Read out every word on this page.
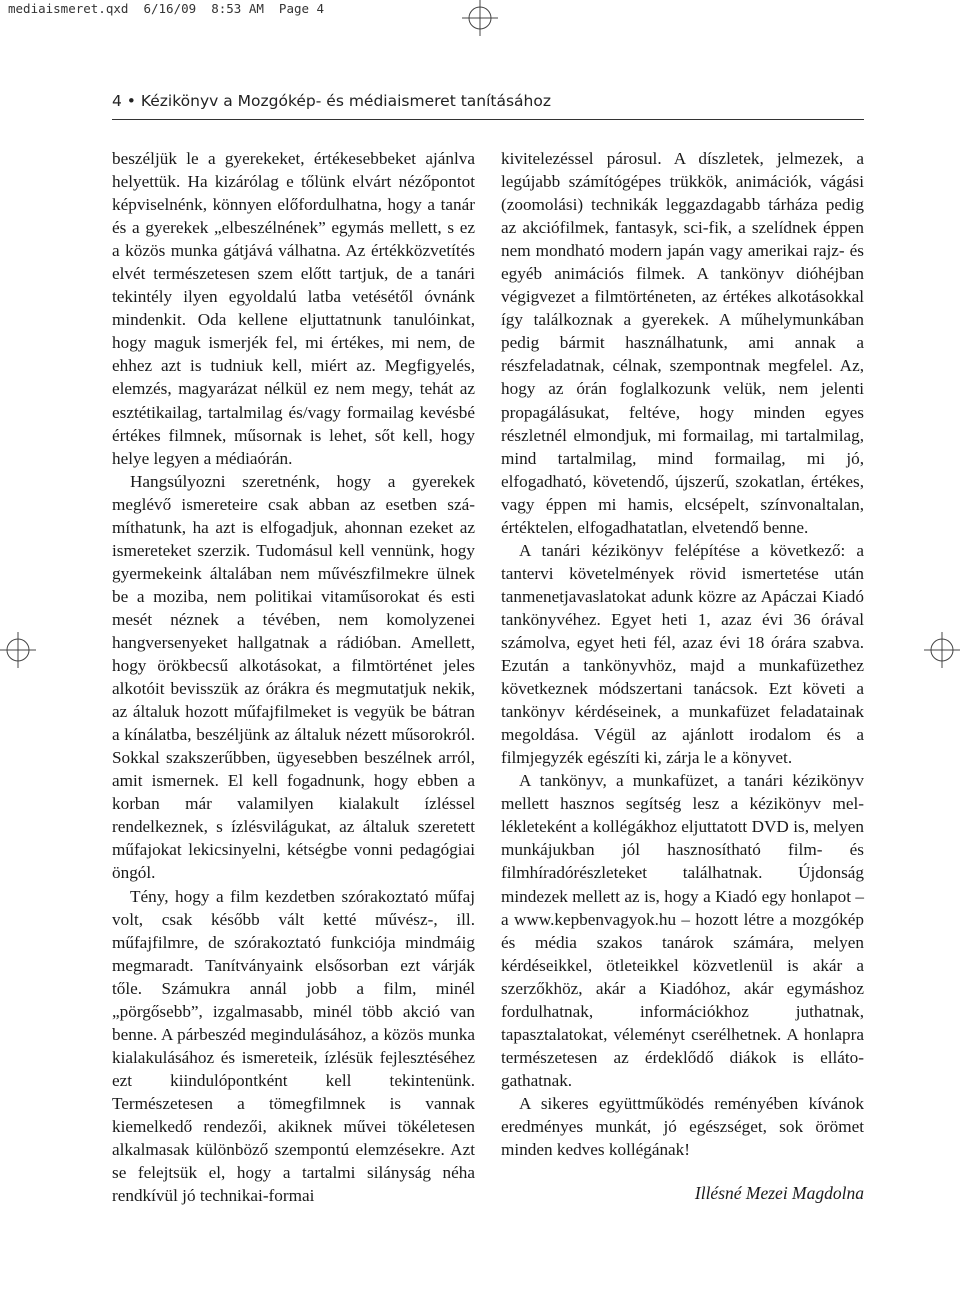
mediaismeret.qxd  6/16/09  8:53 AM  Page 4
4 • Kézikönyv a Mozgókép- és médiaismeret tanításához

beszéljük le a gyerekeket, értékesebbeket ajánlva helyettük. Ha kizárólag e tőlünk elvárt nézőpontot képviselnénk, könnyen előfordulhatna, hogy a tanár és a gyerekek „elbeszélnének” egymás mellett, s ez a közös munka gátjává válhatna. Az értékközvetítés elvét természetesen szem előtt tartjuk, de a tanári tekintély ilyen egyoldalú latba vetésétől óvnánk mindenkit. Oda kellene eljuttatnunk tanulóinkat, hogy maguk ismerjék fel, mi értékes, mi nem, de ehhez azt is tudniuk kell, miért az. Megfigyelés, elemzés, magyarázat nélkül ez nem megy, tehát az esztétikailag, tartalmilag és/vagy formailag kevésbé értékes filmnek, műsornak is lehet, sőt kell, hogy helye legyen a médiaórán.

Hangsúlyozni szeretnénk, hogy a gyerekek meglévő ismereteire csak abban az esetben számíthatunk, ha azt is elfogadjuk, ahonnan ezeket az ismereteket szerzik. Tudomásul kell vennünk, hogy gyermekeink általában nem művészfilmekre ülnek be a moziba, nem politikai vitaműsorokat és esti mesét néznek a tévében, nem komolyzenei hangversenyeket hallgatnak a rádióban. Amellett, hogy örökbecsű alkotásokat, a filmtörténet jeles alkotóit bevisszük az órákra és megmutatjuk nekik, az általuk hozott műfajfilmeket is vegyük be bátran a kínálatba, beszéljünk az általuk nézett műsorokról. Sokkal szakszerűbben, ügyesebben beszélnek arról, amit ismernek. El kell fogadnunk, hogy ebben a korban már valamilyen kialakult ízléssel rendelkeznek, s ízlésvilágukat, az általuk szeretett műfajokat lekicsinyelni, kétségbe vonni pedagógiai öngól.

Tény, hogy a film kezdetben szórakoztató műfaj volt, csak később vált ketté művész-, ill. műfajfilmre, de szórakoztató funkciója mindmáig megmaradt. Tanítványaink elsősorban ezt várják tőle. Számukra annál jobb a film, minél „pörgősebb”, izgalmasabb, minél több akció van benne. A párbeszéd megindulásához, a közös munka kialakulásához és ismereteik, ízlésük fejlesztéséhez ezt kiindulópontként kell tekintenünk. Természetesen a tömegfilmnek is vannak kiemelkedő rendezői, akiknek művei tökéletesen alkalmasak különböző szempontú elemzésekre. Azt se felejtsük el, hogy a tartalmi silányság néha rendkívül jó technikai-formai

kivitelezéssel párosul. A díszletek, jelmezek, a legújabb számítógépes trükkök, animációk, vágási (zoomolási) technikák leggazdagabb tárháza pedig az akciófilmek, fantasyk, sci-fik, a szelídnek éppen nem mondható modern japán vagy amerikai rajz- és egyéb animációs filmek. A tankönyv dióhéjban végigvezet a filmtörténeten, az értékes alkotásokkal így találkoznak a gyerekek. A műhelymunkában pedig bármit használhatunk, ami annak a részfeladatnak, célnak, szempontnak megfelel. Az, hogy az órán foglalkozunk velük, nem jelenti propagálásukat, feltéve, hogy minden egyes részletnél elmondjuk, mi formailag, mi tartalmilag, mind tartalmilag, mind formailag, mi jó, elfogadható, követendő, újszerű, szokatlan, értékes, vagy éppen mi hamis, elcsépelt, színvonaltalan, értéktelen, elfogadhatatlan, elvetendő benne.

A tanári kézikönyv felépítése a következő: a tantervi követelmények rövid ismertetése után tanmenetjavaslatokat adunk közre az Apáczai Kiadó tankönyvéhez. Egyet heti 1, azaz évi 36 órával számolva, egyet heti fél, azaz évi 18 órára szabva. Ezután a tankönyvhöz, majd a munkafüzethez következnek módszertani tanácsok. Ezt követi a tankönyv kérdéseinek, a munkafüzet feladatainak megoldása. Végül az ajánlott irodalom és a filmjegyzék egészíti ki, zárja le a könyvet.

A tankönyv, a munkafüzet, a tanári kézikönyv mellett hasznos segítség lesz a kézikönyv mellékleteként a kollégákhoz eljuttatott DVD is, melyen munkájukban jól hasznosítható film- és filmhíradórészleteket találhatnak. Újdonság mindezek mellett az is, hogy a Kiadó egy honlapot – a www.kepbenvagyok.hu – hozott létre a mozgókép és média szakos tanárok számára, melyen kérdéseikkel, ötleteikkel közvetlenül is akár a szerzőkhöz, akár a Kiadóhoz, akár egymáshoz fordulhatnak, információkhoz juthatnak, tapasztalatokat, véleményt cserélhetnek. A honlapra természetesen az érdeklődő diákok is ellátogathatnak.

A sikeres együttműködés reményében kívánok eredményes munkát, jó egészséget, sok örömet minden kedves kollégának!

Illésné Mezei Magdolna
